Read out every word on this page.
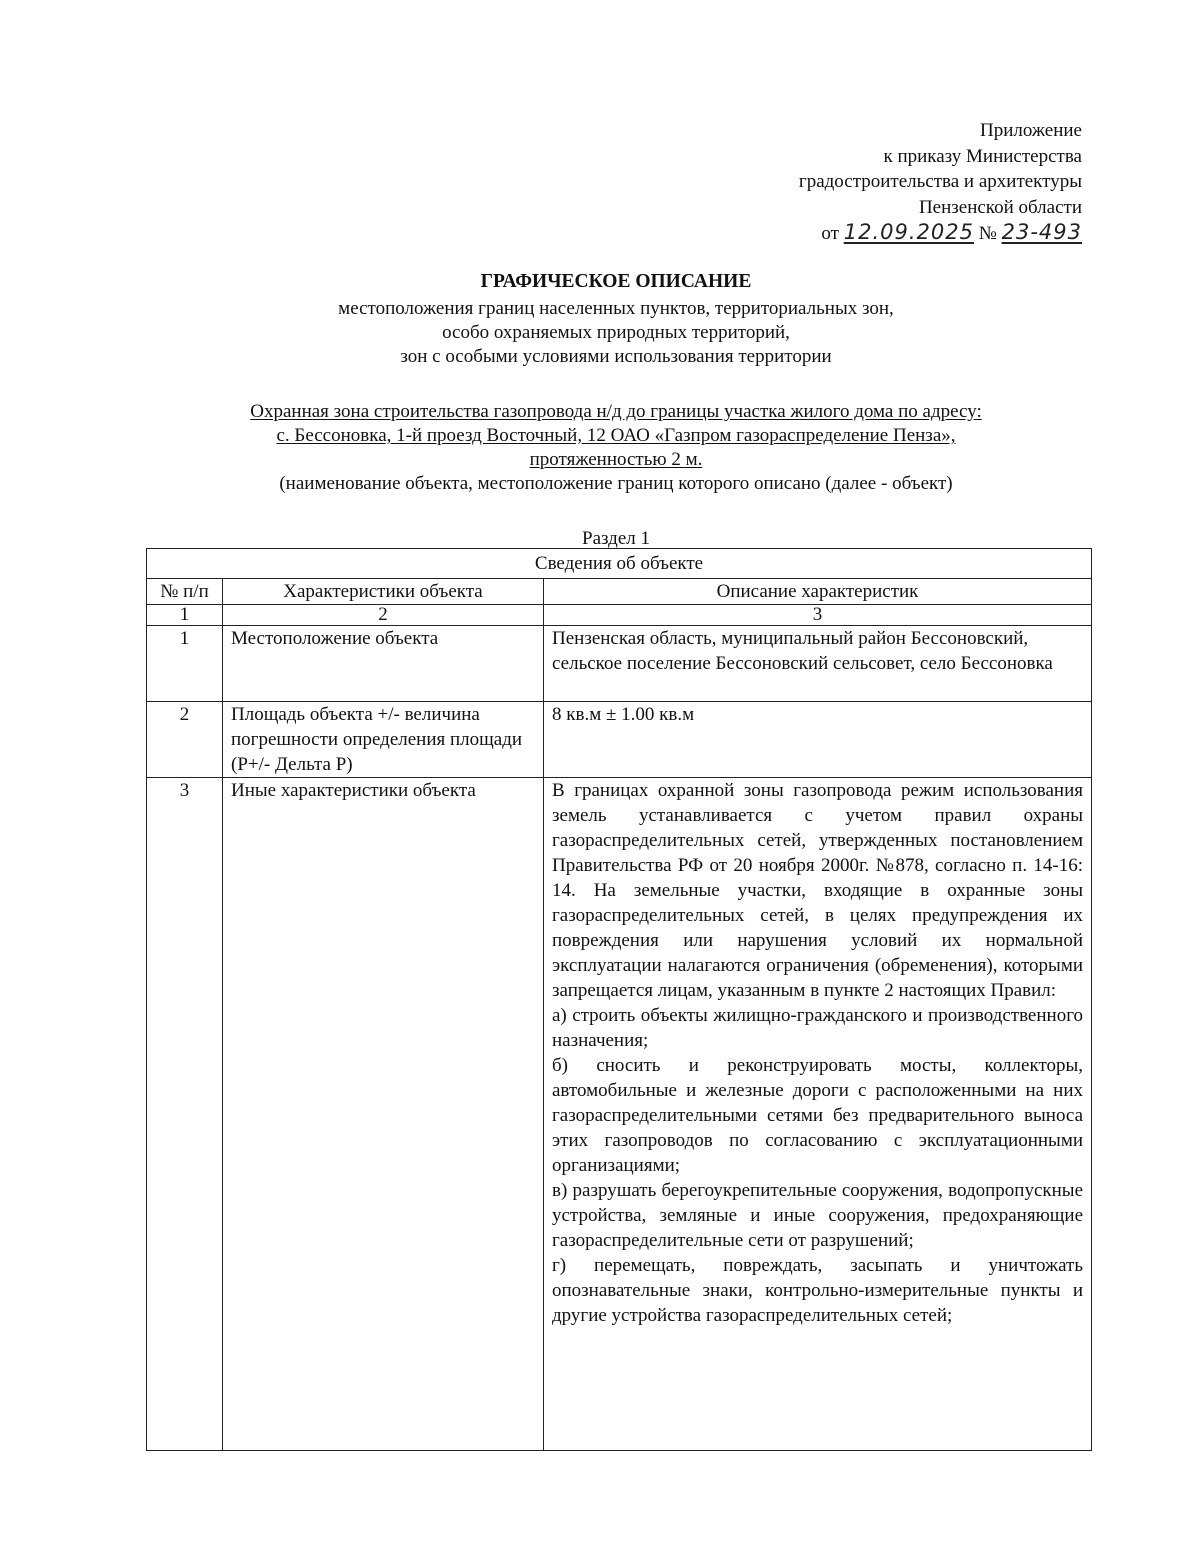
Приложение
к приказу Министерства
градостроительства и архитектуры
Пензенской области
от 12.09.2025 № 23-493
ГРАФИЧЕСКОЕ ОПИСАНИЕ
местоположения границ населенных пунктов, территориальных зон,
особо охраняемых природных территорий,
зон с особыми условиями использования территории
Охранная зона строительства газопровода н/д до границы участка жилого дома по адресу:
с. Бессоновка, 1-й проезд Восточный, 12 ОАО «Газпром газораспределение Пенза»,
протяженностью 2 м.
(наименование объекта, местоположение границ которого описано (далее - объект)
Раздел 1
Сведения об объекте		
№ п/п	Характеристики объекта	Описание характеристик
1	2	3
1	Местоположение объекта	Пензенская область, муниципальный район Бессоновский, сельское поселение Бессоновский сельсовет, село Бессоновка

2	Площадь объекта +/- величина погрешности определения площади (P+/- Дельта P)	8 кв.м ± 1.00 кв.м

3	Иные характеристики объекта	В границах охранной зоны газопровода режим использования земель устанавливается с учетом правил охраны газораспределительных сетей, утвержденных постановлением Правительства РФ от 20 ноября 2000г. №878, согласно п. 14-16: 14. На земельные участки, входящие в охранные зоны газораспределительных сетей, в целях предупреждения их повреждения или нарушения условий их нормальной эксплуатации налагаются ограничения (обременения), которыми запрещается лицам, указанным в пункте 2 настоящих Правил:
а) строить объекты жилищно-гражданского и производственного назначения;
б) сносить и реконструировать мосты, коллекторы, автомобильные и железные дороги с расположенными на них газораспределительными сетями без предварительного выноса этих газопроводов по согласованию с эксплуатационными организациями;
в) разрушать берегоукрепительные сооружения, водопропускные устройства, земляные и иные сооружения, предохраняющие газораспределительные сети от разрушений;
г) перемещать, повреждать, засыпать и уничтожать опознавательные знаки, контрольно-измерительные пункты и другие устройства газораспределительных сетей;
